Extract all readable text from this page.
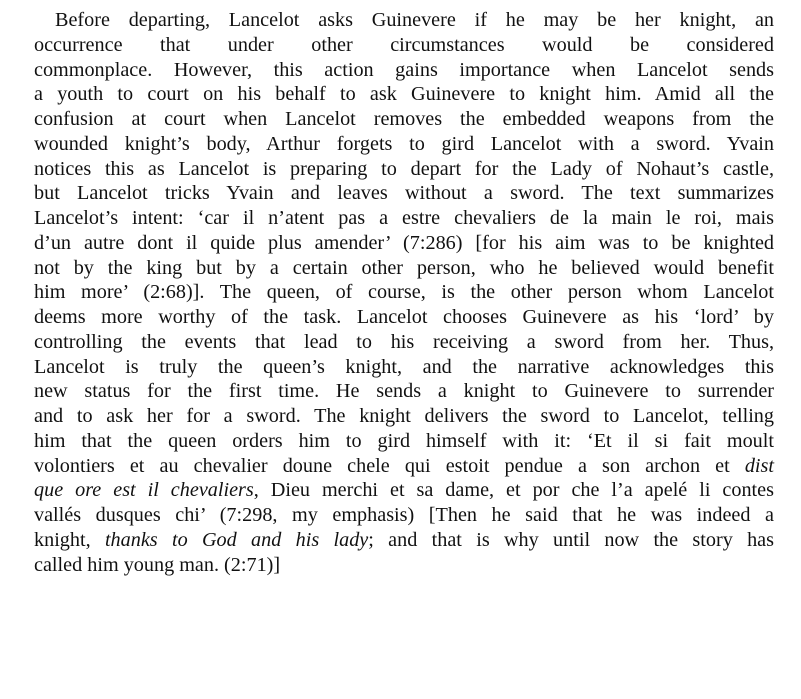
Before departing, Lancelot asks Guinevere if he may be her knight, an
occurrence that under other circumstances would be considered
commonplace. However, this action gains importance when Lancelot sends
a youth to court on his behalf to ask Guinevere to knight him. Amid all the
confusion at court when Lancelot removes the embedded weapons from the
wounded knight’s body, Arthur forgets to gird Lancelot with a sword. Yvain
notices this as Lancelot is preparing to depart for the Lady of Nohaut’s castle,
but Lancelot tricks Yvain and leaves without a sword. The text summarizes
Lancelot’s intent: ‘car il n’atent pas a estre chevaliers de la main le roi, mais
d’un autre dont il quide plus amender’ (7:286) [for his aim was to be knighted
not by the king but by a certain other person, who he believed would benefit
him more’ (2:68)]. The queen, of course, is the other person whom Lancelot
deems more worthy of the task. Lancelot chooses Guinevere as his ‘lord’ by
controlling the events that lead to his receiving a sword from her. Thus,
Lancelot is truly the queen’s knight, and the narrative acknowledges this
new status for the first time. He sends a knight to Guinevere to surrender
and to ask her for a sword. The knight delivers the sword to Lancelot, telling
him that the queen orders him to gird himself with it: ‘Et il si fait moult
volontiers et au chevalier doune chele qui estoit pendue a son archon et dist
que ore est il chevaliers, Dieu merchi et sa dame, et por che l’a apelé li contes
vallés dusques chi’ (7:298, my emphasis) [Then he said that he was indeed a
knight, thanks to God and his lady; and that is why until now the story has
called him young man. (2:71)]
